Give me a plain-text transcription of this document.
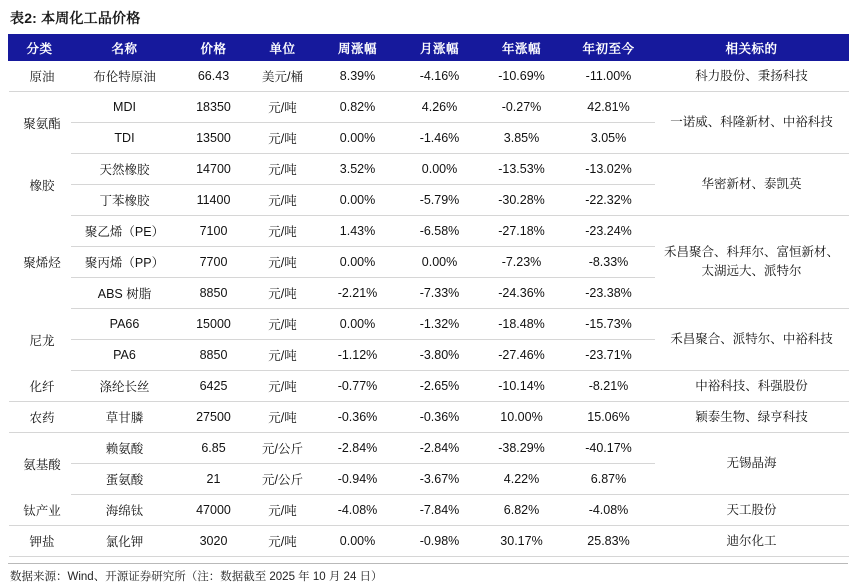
表2: 本周化工品价格
分类	名称	价格	单位	周涨幅	月涨幅	年涨幅	年初至今	相关标的
原油	布伦特原油	66.43	美元/桶	8.39%	-4.16%	-10.69%	-11.00%	科力股份、秉扬科技
聚氨酯	MDI	18350	元/吨	0.82%	4.26%	-0.27%	42.81%	一诺威、科隆新材、中裕科技
	TDI	13500	元/吨	0.00%	-1.46%	3.85%	3.05%	
橡胶	天然橡胶	14700	元/吨	3.52%	0.00%	-13.53%	-13.02%	华密新材、泰凯英
	丁苯橡胶	11400	元/吨	0.00%	-5.79%	-30.28%	-22.32%	
聚烯烃	聚乙烯（PE）	7100	元/吨	1.43%	-6.58%	-27.18%	-23.24%	禾昌聚合、科拜尔、富恒新材、
太湖远大、派特尔

	聚丙烯（PP）	7700	元/吨	0.00%	0.00%	-7.23%	-8.33%	
	ABS 树脂	8850	元/吨	-2.21%	-7.33%	-24.36%	-23.38%	
尼龙	PA66	15000	元/吨	0.00%	-1.32%	-18.48%	-15.73%	禾昌聚合、派特尔、中裕科技
	PA6	8850	元/吨	-1.12%	-3.80%	-27.46%	-23.71%	
化纤	涤纶长丝	6425	元/吨	-0.77%	-2.65%	-10.14%	-8.21%	中裕科技、科强股份
农药	草甘膦	27500	元/吨	-0.36%	-0.36%	10.00%	15.06%	颖泰生物、绿亨科技
氨基酸	赖氨酸	6.85	元/公斤	-2.84%	-2.84%	-38.29%	-40.17%	无锡晶海
	蛋氨酸	21	元/公斤	-0.94%	-3.67%	4.22%	6.87%	
钛产业	海绵钛	47000	元/吨	-4.08%	-7.84%	6.82%	-4.08%	天工股份
钾盐	氯化钾	3020	元/吨	0.00%	-0.98%	30.17%	25.83%	迪尔化工
数据来源：Wind、开源证券研究所（注：数据截至 2025 年 10 月 24 日）
